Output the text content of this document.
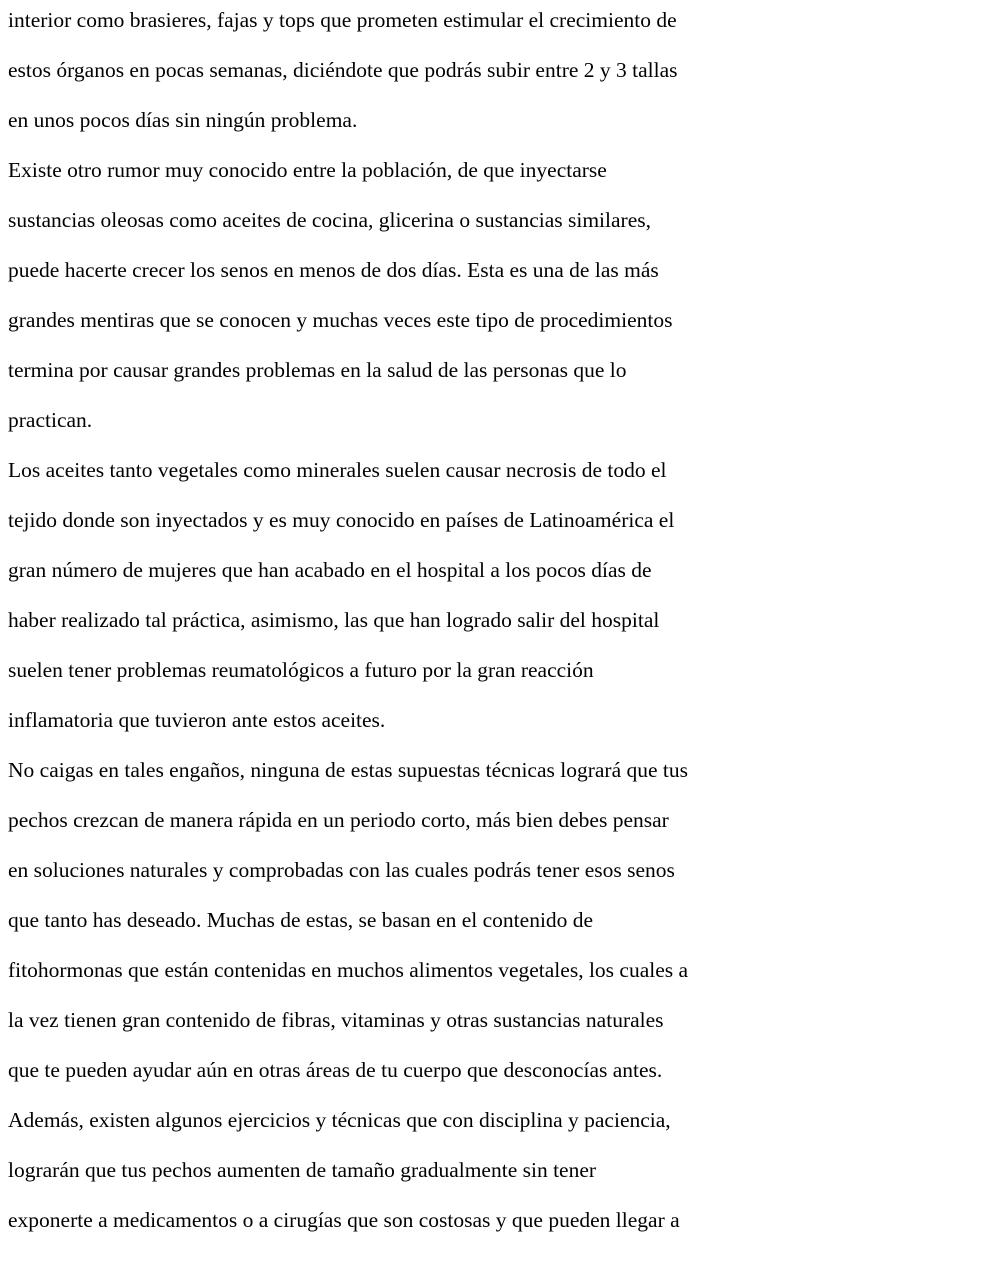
interior como brasieres, fajas y tops que prometen estimular el crecimiento de
estos órganos en pocas semanas, diciéndote que podrás subir entre 2 y 3 tallas
en unos pocos días sin ningún problema.
Existe otro rumor muy conocido entre la población, de que inyectarse
sustancias oleosas como aceites de cocina, glicerina o sustancias similares,
puede hacerte crecer los senos en menos de dos días. Esta es una de las más
grandes mentiras que se conocen y muchas veces este tipo de procedimientos
termina por causar grandes problemas en la salud de las personas que lo
practican.
Los aceites tanto vegetales como minerales suelen causar necrosis de todo el
tejido donde son inyectados y es muy conocido en países de Latinoamérica el
gran número de mujeres que han acabado en el hospital a los pocos días de
haber realizado tal práctica, asimismo, las que han logrado salir del hospital
suelen tener problemas reumatológicos a futuro por la gran reacción
inflamatoria que tuvieron ante estos aceites.
No caigas en tales engaños, ninguna de estas supuestas técnicas logrará que tus
pechos crezcan de manera rápida en un periodo corto, más bien debes pensar
en soluciones naturales y comprobadas con las cuales podrás tener esos senos
que tanto has deseado. Muchas de estas, se basan en el contenido de
fitohormonas que están contenidas en muchos alimentos vegetales, los cuales a
la vez tienen gran contenido de fibras, vitaminas y otras sustancias naturales
que te pueden ayudar aún en otras áreas de tu cuerpo que desconocías antes.
Además, existen algunos ejercicios y técnicas que con disciplina y paciencia,
lograrán que tus pechos aumenten de tamaño gradualmente sin tener
exponerte a medicamentos o a cirugías que son costosas y que pueden llegar a
